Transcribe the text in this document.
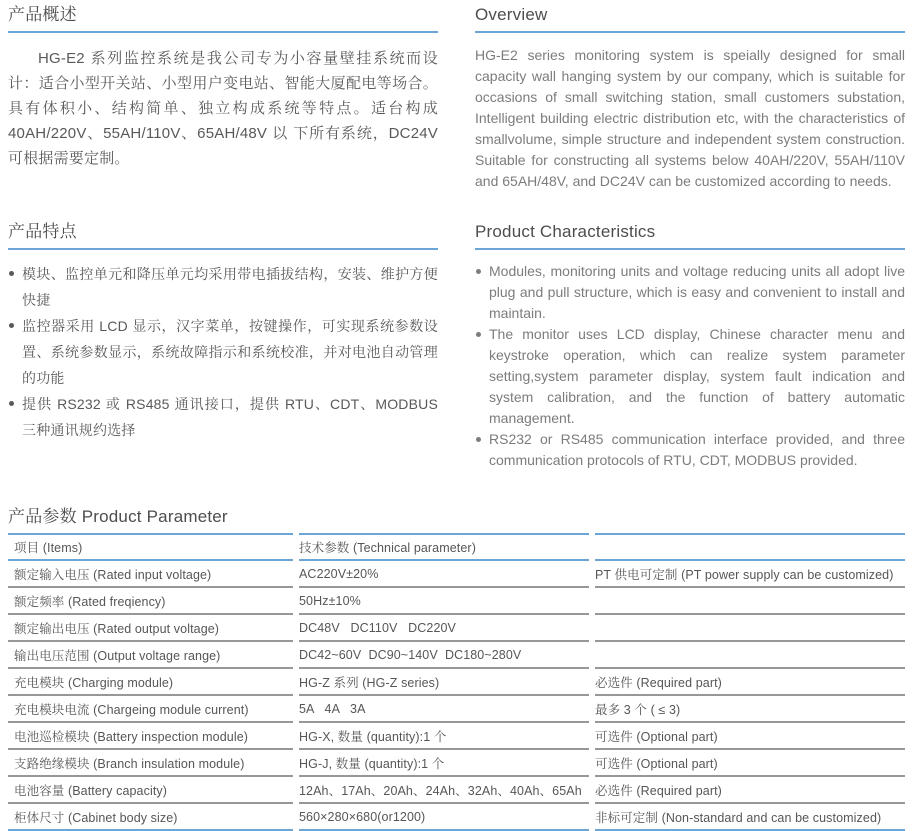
产品概述

HG-E2 系列监控系统是我公司专为小容量壁挂系统而设计：适合小型开关站、小型用户变电站、智能大厦配电等场合。具有体积小、结构简单、独立构成系统等特点。适台构成 40AH/220V、55AH/110V、65AH/48V 以 下所有系统，DC24V 可根据需要定制。

Overview

HG-E2 series monitoring system is speially designed for small capacity wall hanging system by our company, which is suitable for occasions of small switching station, small customers substation, Intelligent building electric distribution etc, with the characteristics of smallvolume, simple structure and independent system construction. Suitable for constructing all systems below 40AH/220V, 55AH/110V and 65AH/48V, and DC24V can be customized according to needs.

产品特点
模块、监控单元和降压单元均采用带电插拔结构，安装、维护方便快捷
监控器采用 LCD 显示，汉字菜单，按键操作，可实现系统参数设置、系统参数显示，系统故障指示和系统校准，并对电池自动管理的功能
提供 RS232 或 RS485 通讯接口，提供 RTU、CDT、MODBUS 三种通讯规约选择
Product Characteristics
Modules, monitoring units and voltage reducing units all adopt live plug and pull structure, which is easy and convenient to install and maintain.
The monitor uses LCD display, Chinese character menu and keystroke operation, which can realize system parameter setting,system parameter display, system fault indication and system calibration, and the function of battery automatic management.
RS232 or RS485 communication interface provided, and three communication protocols of RTU, CDT, MODBUS provided.
产品参数 Product Parameter
项目 (Items)	技术参数 (Technical parameter)
额定输入电压 (Rated input voltage)	AC220V±20%	PT 供电可定制 (PT power supply can be customized)
额定频率 (Rated freqiency)	50Hz±10%
额定输出电压 (Rated output voltage)	DC48V   DC110V   DC220V
输出电压范围 (Output voltage range)	DC42~60V  DC90~140V  DC180~280V
充电模块 (Charging module)	HG-Z 系列 (HG-Z series)	必选件 (Required part)
充电模块电流 (Chargeing module current)	5A   4A   3A	最多 3 个 ( ≤ 3)
电池巡检模块 (Battery inspection module)	HG-X, 数量 (quantity):1 个	可选件 (Optional part)
支路绝缘模块 (Branch insulation module)	HG-J, 数量 (quantity):1 个	可选件 (Optional part)
电池容量 (Battery capacity)	12Ah、17Ah、20Ah、24Ah、32Ah、40Ah、65Ah	必选件 (Required part)
柜体尺寸 (Cabinet body size)	560×280×680(or1200)	非标可定制 (Non-standard and can be customized)
